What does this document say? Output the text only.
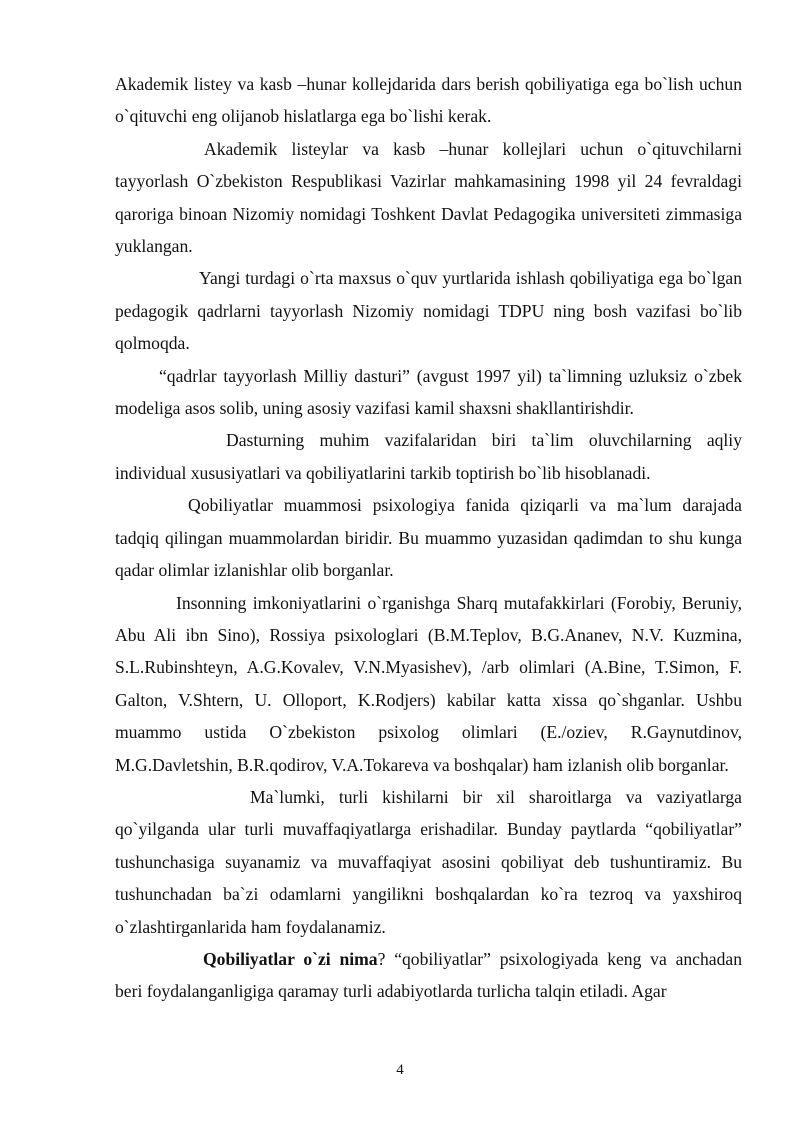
Akademik listey va kasb –hunar kollejdarida dars berish qobiliyatiga ega bo`lish uchun o`qituvchi eng olijanob hislatlarga ega bo`lishi kerak.

Akademik listeylar va kasb –hunar kollejlari uchun o`qituvchilarni tayyorlash O`zbekiston Respublikasi Vazirlar mahkamasining 1998 yil 24 fevraldagi qaroriga binoan Nizomiy nomidagi Toshkent Davlat Pedagogika universiteti zimmasiga yuklangan.

Yangi turdagi o`rta maxsus o`quv yurtlarida ishlash qobiliyatiga ega bo`lgan pedagogik qadrlarni tayyorlash Nizomiy nomidagi TDPU ning bosh vazifasi bo`lib qolmoqda.

“qadrlar tayyorlash Milliy dasturi” (avgust 1997 yil) ta`limning uzluksiz o`zbek modeliga asos solib, uning asosiy vazifasi kamil shaxsni shakllantirishdir.

Dasturning muhim vazifalaridan biri ta`lim oluvchilarning aqliy individual xususiyatlari va qobiliyatlarini tarkib toptirish bo`lib hisoblanadi.

Qobiliyatlar muammosi psixologiya fanida qiziqarli va ma`lum darajada tadqiq qilingan muammolardan biridir. Bu muammo yuzasidan qadimdan to shu kunga qadar olimlar izlanishlar olib borganlar.

Insonning imkoniyatlarini o`rganishga Sharq mutafakkirlari (Forobiy, Beruniy, Abu Ali ibn Sino), Rossiya psixologlari (B.M.Teplov, B.G.Ananev, N.V. Kuzmina, S.L.Rubinshteyn, A.G.Kovalev, V.N.Myasishev), /arb olimlari (A.Bine, T.Simon, F. Galton, V.Shtern, U. Olloport, K.Rodjers) kabilar katta xissa qo`shganlar. Ushbu muammo ustida O`zbekiston psixolog olimlari (E./oziev, R.Gaynutdinov, M.G.Davletshin, B.R.qodirov, V.A.Tokareva va boshqalar) ham izlanish olib borganlar.

Ma`lumki, turli kishilarni bir xil sharoitlarga va vaziyatlarga qo`yilganda ular turli muvaffaqiyatlarga erishadilar. Bunday paytlarda “qobiliyatlar” tushunchasiga suyanamiz va muvaffaqiyat asosini qobiliyat deb tushuntiramiz. Bu tushunchadan ba`zi odamlarni yangilikni boshqalardan ko`ra tezroq va yaxshiroq o`zlashtirganlarida ham foydalanamiz.

Qobiliyatlar o`zi nima? “qobiliyatlar” psixologiyada keng va anchadan beri foydalanganligiga qaramay turli adabiyotlarda turlicha talqin etiladi. Agar

4
